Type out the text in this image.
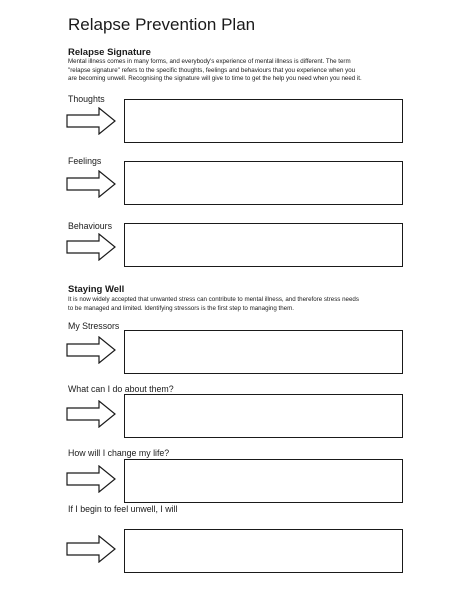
Relapse Prevention Plan
Relapse Signature
Mental illness comes in many forms, and everybody's experience of mental illness is different. The term
"relapse signature" refers to the specific thoughts, feelings and behaviours that you experience when you
are becoming unwell. Recognising the signature will give to time to get the help you need when you need it.
Thoughts
Feelings
Behaviours
Staying Well
It is now widely accepted that unwanted stress can contribute to mental illness, and therefore stress needs
to be managed and limited. Identifying stressors is the first step to managing them.
My Stressors
What can I do about them?
How will I change my life?
If I begin to feel unwell, I will
